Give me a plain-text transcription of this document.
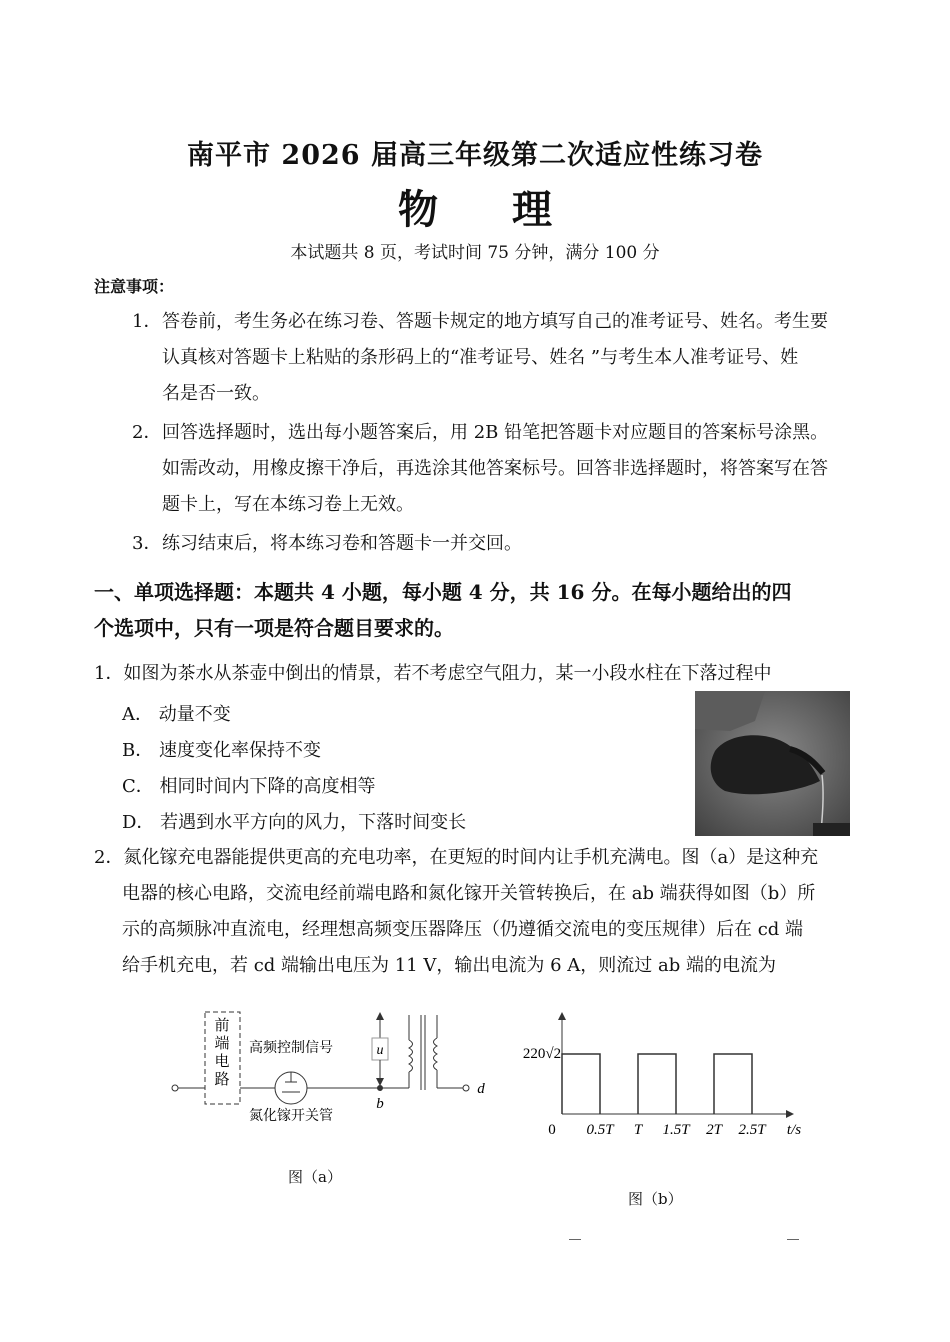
南平市 2026 届高三年级第二次适应性练习卷
物 理
本试题共 8 页，考试时间 75 分钟，满分 100 分
注意事项：
1． 答卷前，考生务必在练习卷、答题卡规定的地方填写自己的准考证号、姓名。考生要
认真核对答题卡上粘贴的条形码上的“准考证号、姓名 ”与考生本人准考证号、姓
名是否一致。
2． 回答选择题时，选出每小题答案后，用 2B 铅笔把答题卡对应题目的答案标号涂黑。
如需改动，用橡皮擦干净后，再选涂其他答案标号。回答非选择题时，将答案写在答
题卡上，写在本练习卷上无效。
3． 练习结束后，将本练习卷和答题卡一并交回。
一、单项选择题：本题共 4 小题，每小题 4 分，共 16 分。在每小题给出的四
个选项中，只有一项是符合题目要求的。
1．如图为茶水从茶壶中倒出的情景，若不考虑空气阻力，某一小段水柱在下落过程中
A． 动量不变
B． 速度变化率保持不变
C． 相同时间内下降的高度相等
D． 若遇到水平方向的风力，下落时间变长
2．氮化镓充电器能提供更高的充电功率，在更短的时间内让手机充满电。图（a）是这种充
电器的核心电路，交流电经前端电路和氮化镓开关管转换后，在 ab 端获得如图（b）所
示的高频脉冲直流电，经理想高频变压器降压（仍遵循交流电的变压规律）后在 cd 端
给手机充电，若 cd 端输出电压为 11 V，输出电流为 6 A，则流过 ab 端的电流为
前
端
电
路
高频控制信号
氮化镓开关管
u
b
d
图（a）
220√2
0 0.5T T 1.5T 2T 2.5T t/s
图（b）
